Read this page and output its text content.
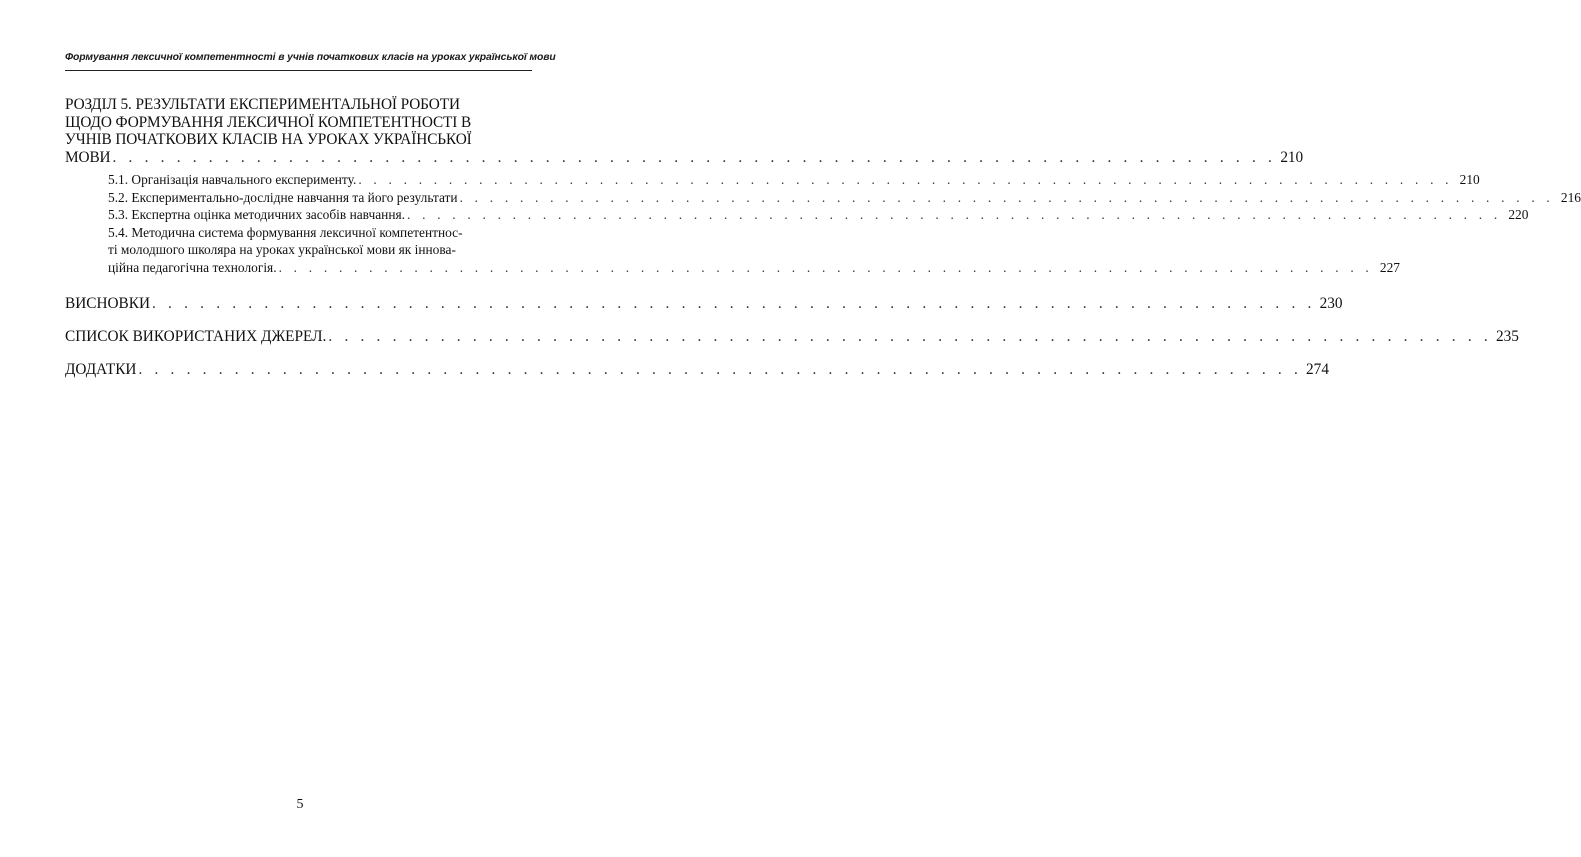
Формування лексичної компетентності в учнів початкових класів на уроках української мови
РОЗДІЛ 5. РЕЗУЛЬТАТИ ЕКСПЕРИМЕНТАЛЬНОЇ РОБОТИ
ЩОДО ФОРМУВАННЯ ЛЕКСИЧНОЇ КОМПЕТЕНТНОСТІ В
УЧНІВ ПОЧАТКОВИХ КЛАСІВ НА УРОКАХ УКРАЇНСЬКОЇ
МОВИ . . . . . . . . . . . . . . . . . . . . . . . . . . . . . . . . . . . . . . . . . . . . . . . . . . . . . . . . . . . . . . . . . . . . . . . . . 210
5.1. Організація навчального експерименту. . . . . . . . . . . . . . . . . . . . . . . . . . . . . . . . . . . . . . . . . . . . . . . . . . . . . . . . . . . . . . . . . . . . . . . . . . 210
5.2. Експериментально-дослідне навчання та його результати . . . . . . . . . . . . . . . . . . . . . . . . . . . . . . . . . . . . . . . . . . . . . . . . . . . . . . . . . . . . . . . . . . . . . . . . . 216
5.3. Експертна оцінка методичних засобів навчання. . . . . . . . . . . . . . . . . . . . . . . . . . . . . . . . . . . . . . . . . . . . . . . . . . . . . . . . . . . . . . . . . . . . . . . . . . 220
5.4. Методична система формування лексичної компетентнос-
ті молодшого школяра на уроках української мови як іннова-
ційна педагогічна технологія. . . . . . . . . . . . . . . . . . . . . . . . . . . . . . . . . . . . . . . . . . . . . . . . . . . . . . . . . . . . . . . . . . . . . . . . . . 227
ВИСНОВКИ . . . . . . . . . . . . . . . . . . . . . . . . . . . . . . . . . . . . . . . . . . . . . . . . . . . . . . . . . . . . . . . . . . . . . . . . . 230
СПИСОК ВИКОРИСТАНИХ ДЖЕРЕЛ. . . . . . . . . . . . . . . . . . . . . . . . . . . . . . . . . . . . . . . . . . . . . . . . . . . . . . . . . . . . . . . . . . . . . . . . . . 235
ДОДАТКИ . . . . . . . . . . . . . . . . . . . . . . . . . . . . . . . . . . . . . . . . . . . . . . . . . . . . . . . . . . . . . . . . . . . . . . . . . 274
5
